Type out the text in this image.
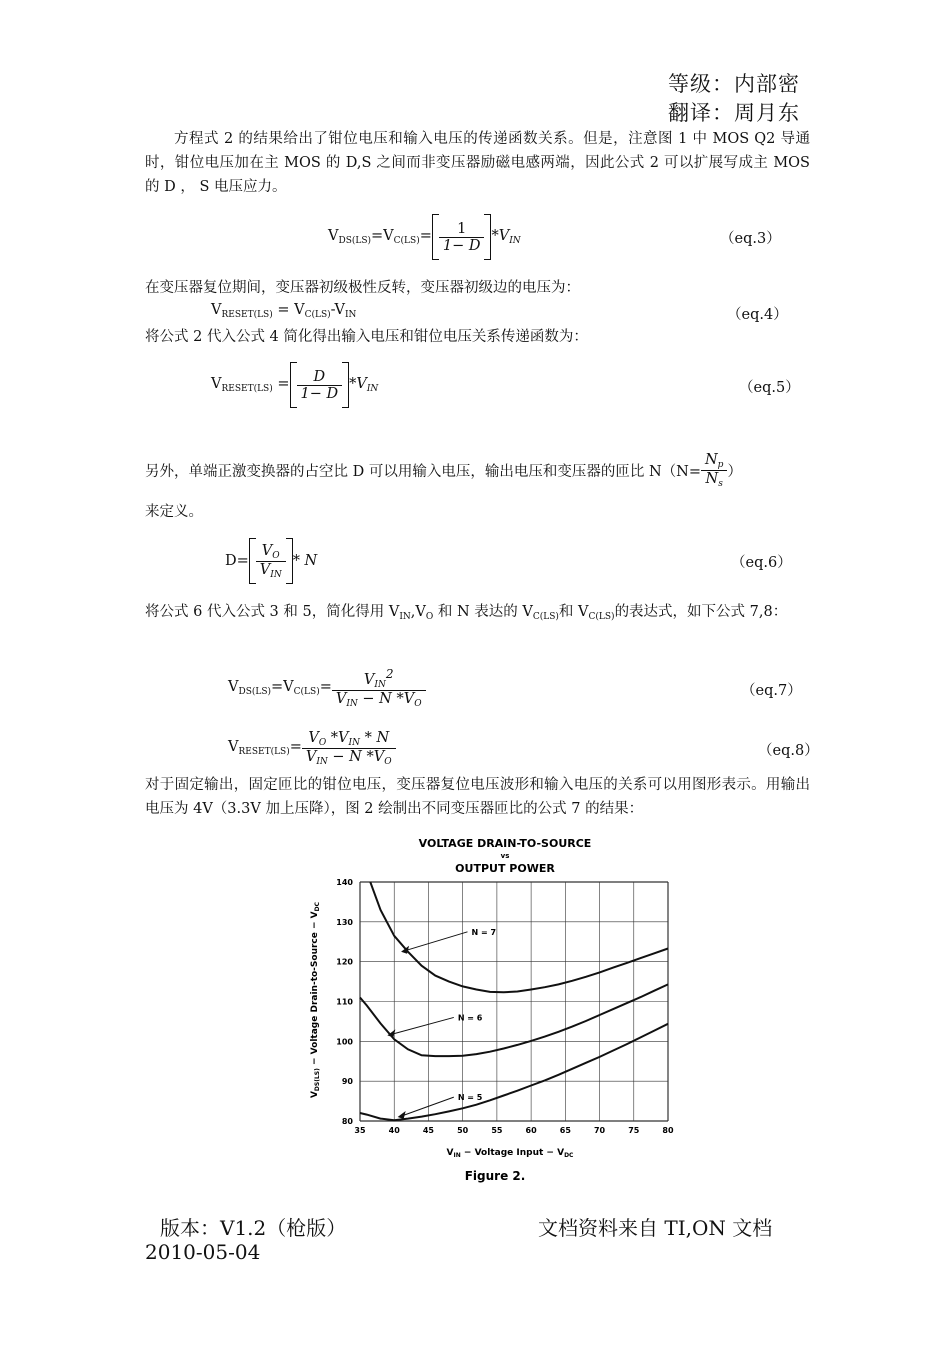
等级：内部密
翻译：周月东
方程式 2 的结果给出了钳位电压和输入电压的传递函数关系。但是，注意图 1 中 MOS Q2 导通时，钳位电压加在主 MOS 的 D,S 之间而非变压器励磁电感两端，因此公式 2 可以扩展写成主 MOS 的 D ， S 电压应力。
$V_{DS(LS)}=V_{C(LS)}= \frac{1}{1- D} *V_{IN}$	（eq.3）
在变压器复位期间，变压器初级极性反转，变压器初级边的电压为：
$V_{RESET(LS)} = V_{C(LS)}-V_{IN}$	（eq.4）
将公式 2 代入公式 4 简化得出输入电压和钳位电压关系传递函数为：
$V_{RESET(LS)} = \frac{D}{1- D} *V_{IN}$	（eq.5）
另外，单端正激变换器的占空比 D 可以用输入电压，输出电压和变压器的匝比 $N(N= \frac{N_p}{N_s}$ ）
来定义。
$D= \frac{V_O}{V_{IN}} * N$	（eq.6）
将公式 6 代入公式 3 和 5，简化得用 $V_{IN},V_O$ 和 N 表达的 $V_{C(LS)}$和 $V_{C(LS)}$的表达式，如下公式 7,8：
$V_{DS(LS)}=V_{C(LS)}= \frac{V_{IN}^2}{V_{IN} - N *V_O}$	（eq.7）
$V_{RESET(LS)}= \frac{V_O *V_{IN} * N}{V_{IN} - N *V_O}$	（eq.8）
对于固定输出，固定匝比的钳位电压，变压器复位电压波形和输入电压的关系可以用图形表示。用输出电压为 4V（3.3V 加上压降），图 2 绘制出不同变压器匝比的公式 7 的结果：
VOLTAGE DRAIN-TO-SOURCE
vs
OUTPUT POWER
35	40	45	50	55	60	65	70	75	80
80
90
100
110
120
130
140
N = 7
N = 6
N = 5
$V_{IN}$ − Voltage Input − $V_{DC}$
$V_{DS(LS)}$ − Voltage Drain-to-Source − $V_{DC}$
Figure 2.
版本：V1.2（枪版）	文档资料来自 TI,ON 文档
2010-05-04
